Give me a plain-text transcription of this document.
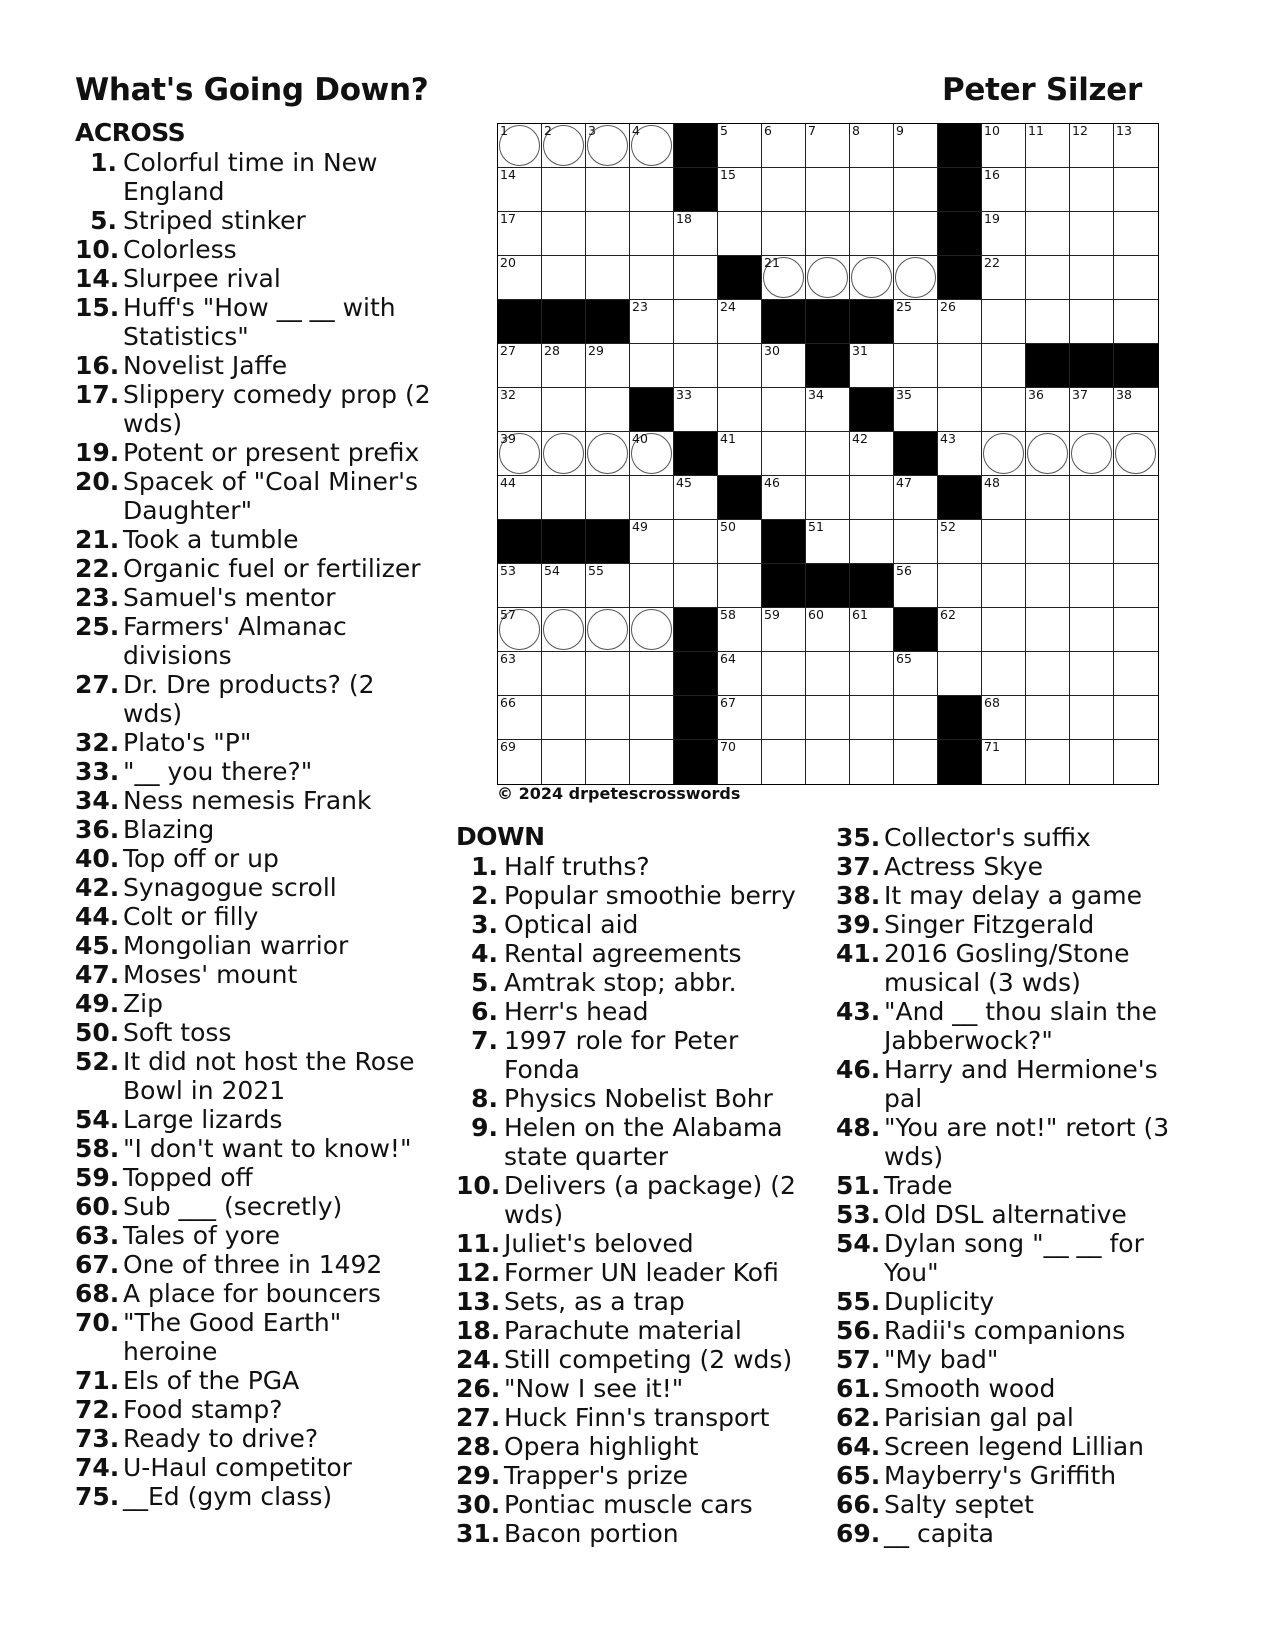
What's Going Down?	Peter Silzer
ACROSS
1. Colorful time in New England
5. Striped stinker
10. Colorless
14. Slurpee rival
15. Huff's "How __ __ with Statistics"
16. Novelist Jaffe
17. Slippery comedy prop (2 wds)
19. Potent or present prefix
20. Spacek of "Coal Miner's Daughter"
21. Took a tumble
22. Organic fuel or fertilizer
23. Samuel's mentor
25. Farmers' Almanac divisions
27. Dr. Dre products? (2 wds)
32. Plato's "P"
33. "__ you there?"
34. Ness nemesis Frank
36. Blazing
40. Top off or up
42. Synagogue scroll
44. Colt or filly
45. Mongolian warrior
47. Moses' mount
49. Zip
50. Soft toss
52. It did not host the Rose Bowl in 2021
54. Large lizards
58. "I don't want to know!"
59. Topped off
60. Sub ___ (secretly)
63. Tales of yore
67. One of three in 1492
68. A place for bouncers
70. "The Good Earth" heroine
71. Els of the PGA
72. Food stamp?
73. Ready to drive?
74. U-Haul competitor
75. __Ed (gym class)
1	2	3	4	5	6	7	8	9	10 11 12 13
14	15	16
17	18	19
20	21	22
23	24	25 26
27 28 29	30	31
32	33	34	35	36 37 38
39	40	41	42	43
44	45	46	47	48
49	50	51	52
53 54 55	56
57	58 59 60 61	62
63	64	65
66	67	68
69	70	71
© 2024 drpetescrosswords
DOWN
1. Half truths?
2. Popular smoothie berry
3. Optical aid
4. Rental agreements
5. Amtrak stop; abbr.
6. Herr's head
7. 1997 role for Peter Fonda
8. Physics Nobelist Bohr
9. Helen on the Alabama state quarter
10. Delivers (a package) (2 wds)
11. Juliet's beloved
12. Former UN leader Kofi
13. Sets, as a trap
18. Parachute material
24. Still competing (2 wds)
26. "Now I see it!"
27. Huck Finn's transport
28. Opera highlight
29. Trapper's prize
30. Pontiac muscle cars
31. Bacon portion
35. Collector's suffix
37. Actress Skye
38. It may delay a game
39. Singer Fitzgerald
41. 2016 Gosling/Stone musical (3 wds)
43. "And __ thou slain the Jabberwock?"
46. Harry and Hermione's pal
48. "You are not!" retort (3 wds)
51. Trade
53. Old DSL alternative
54. Dylan song "__ __ for You"
55. Duplicity
56. Radii's companions
57. "My bad"
61. Smooth wood
62. Parisian gal pal
64. Screen legend Lillian
65. Mayberry's Griffith
66. Salty septet
69. __ capita
